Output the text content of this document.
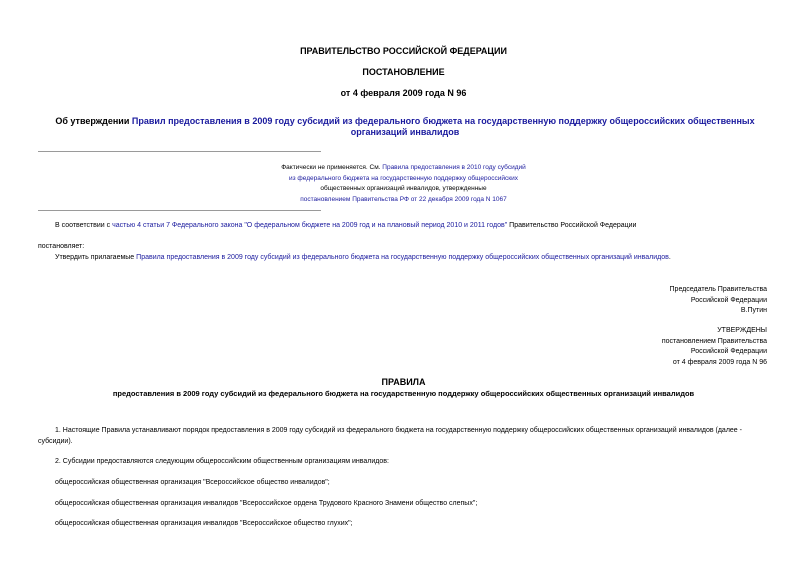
ПРАВИТЕЛЬСТВО РОССИЙСКОЙ ФЕДЕРАЦИИ
ПОСТАНОВЛЕНИЕ
от 4 февраля 2009 года N 96
Об утверждении Правил предоставления в 2009 году субсидий из федерального бюджета на государственную поддержку общероссийских общественных
организаций инвалидов
Фактически не применяется. См. Правила предоставления в 2010 году субсидий
из федерального бюджета на государственную поддержку общероссийских
общественных организаций инвалидов, утвержденные
постановлением Правительства РФ от 22 декабря 2009 года N 1067
В соответствии с частью 4 статьи 7 Федерального закона "О федеральном бюджете на 2009 год и на плановый период 2010 и 2011 годов" Правительство Российской Федерации
постановляет:
Утвердить прилагаемые Правила предоставления в 2009 году субсидий из федерального бюджета на государственную поддержку общероссийских общественных организаций инвалидов.
Председатель Правительства
Российской Федерации
В.Путин
УТВЕРЖДЕНЫ
постановлением Правительства
Российской Федерации
от 4 февраля 2009 года N 96
ПРАВИЛА
предоставления в 2009 году субсидий из федерального бюджета на государственную поддержку общероссийских общественных организаций инвалидов
1. Настоящие Правила устанавливают порядок предоставления в 2009 году субсидий из федерального бюджета на государственную поддержку общероссийских общественных организаций инвалидов (далее - субсидии).
2. Субсидии предоставляются следующим общероссийским общественным организациям инвалидов:
общероссийская общественная организация "Всероссийское общество инвалидов";
общероссийская общественная организация инвалидов "Всероссийское ордена Трудового Красного Знамени общество слепых";
общероссийская общественная организация инвалидов "Всероссийское общество глухих";
